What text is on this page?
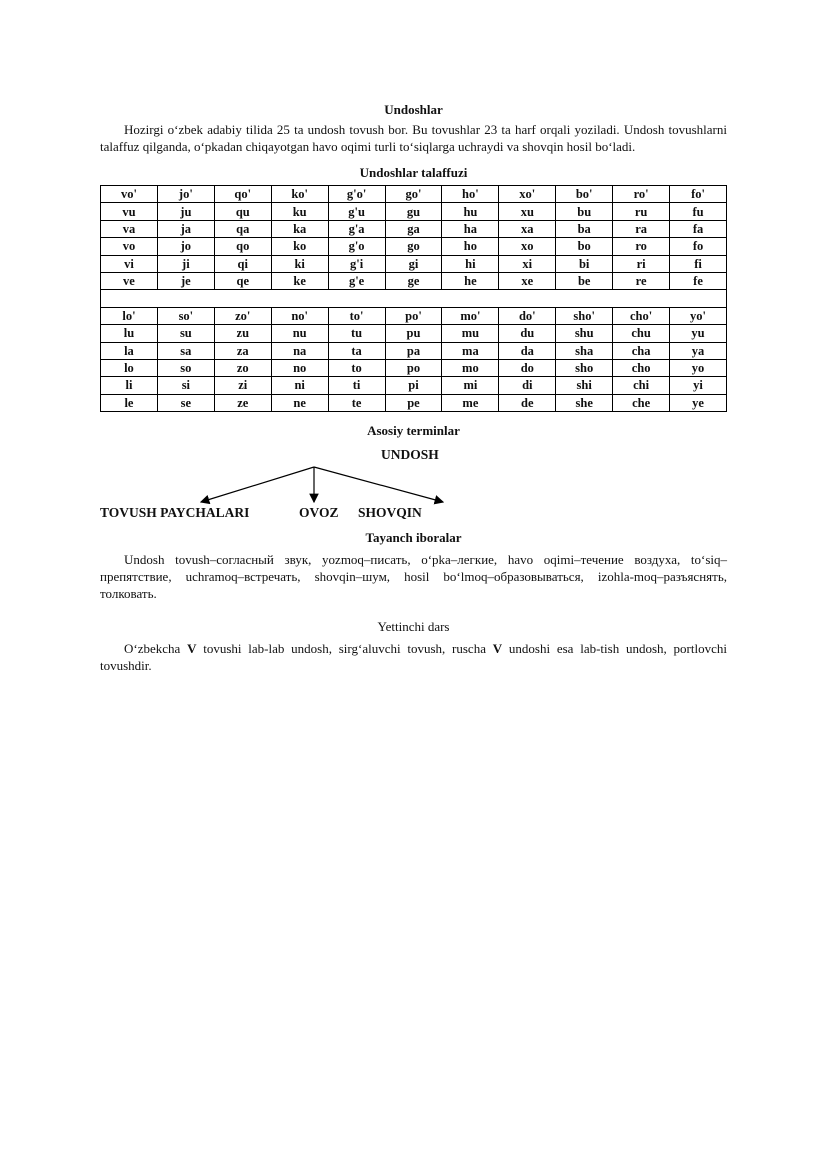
Undoshlar

Hozirgi o‘zbek adabiy tilida 25 ta undosh tovush bor. Bu tovushlar 23 ta harf orqali yoziladi. Undosh tovushlarni talaffuz qilganda, o‘pkadan chiqayotgan havo oqimi turli to‘siqlarga uchraydi va shovqin hosil bo‘ladi.

Undoshlar talaffuzi

vo'	jo'	qo'	ko'	g'o'	go'	ho'	xo'	bo'	ro'	fo'
vu	ju	qu	ku	g'u	gu	hu	xu	bu	ru	fu
va	ja	qa	ka	g'a	ga	ha	xa	ba	ra	fa
vo	jo	qo	ko	g'o	go	ho	xo	bo	ro	fo
vi	ji	qi	ki	g'i	gi	hi	xi	bi	ri	fi
ve	je	qe	ke	g'e	ge	he	xe	be	re	fe

lo'	so'	zo'	no'	to'	po'	mo'	do'	sho'	cho'	yo'
lu	su	zu	nu	tu	pu	mu	du	shu	chu	yu
la	sa	za	na	ta	pa	ma	da	sha	cha	ya
lo	so	zo	no	to	po	mo	do	sho	cho	yo
li	si	zi	ni	ti	pi	mi	di	shi	chi	yi
le	se	ze	ne	te	pe	me	de	she	che	ye

Asosiy terminlar

UNDOSH
TOVUSH PAYCHALARI	OVOZ SHOVQIN

Tayanch iboralar

Undosh tovush–согласный звук, yozmoq–писать, o‘pka–легкие, havo oqimi–течение воздуха, to‘siq–препятствие, uchramoq–встречать, shovqin–шум, hosil bo‘lmoq–образовываться, izohla-moq–разъяснять, толковать.

Yettinchi dars

O‘zbekcha V tovushi lab-lab undosh, sirg‘aluvchi tovush, ruscha V undoshi esa lab-tish undosh, portlovchi tovushdir.
